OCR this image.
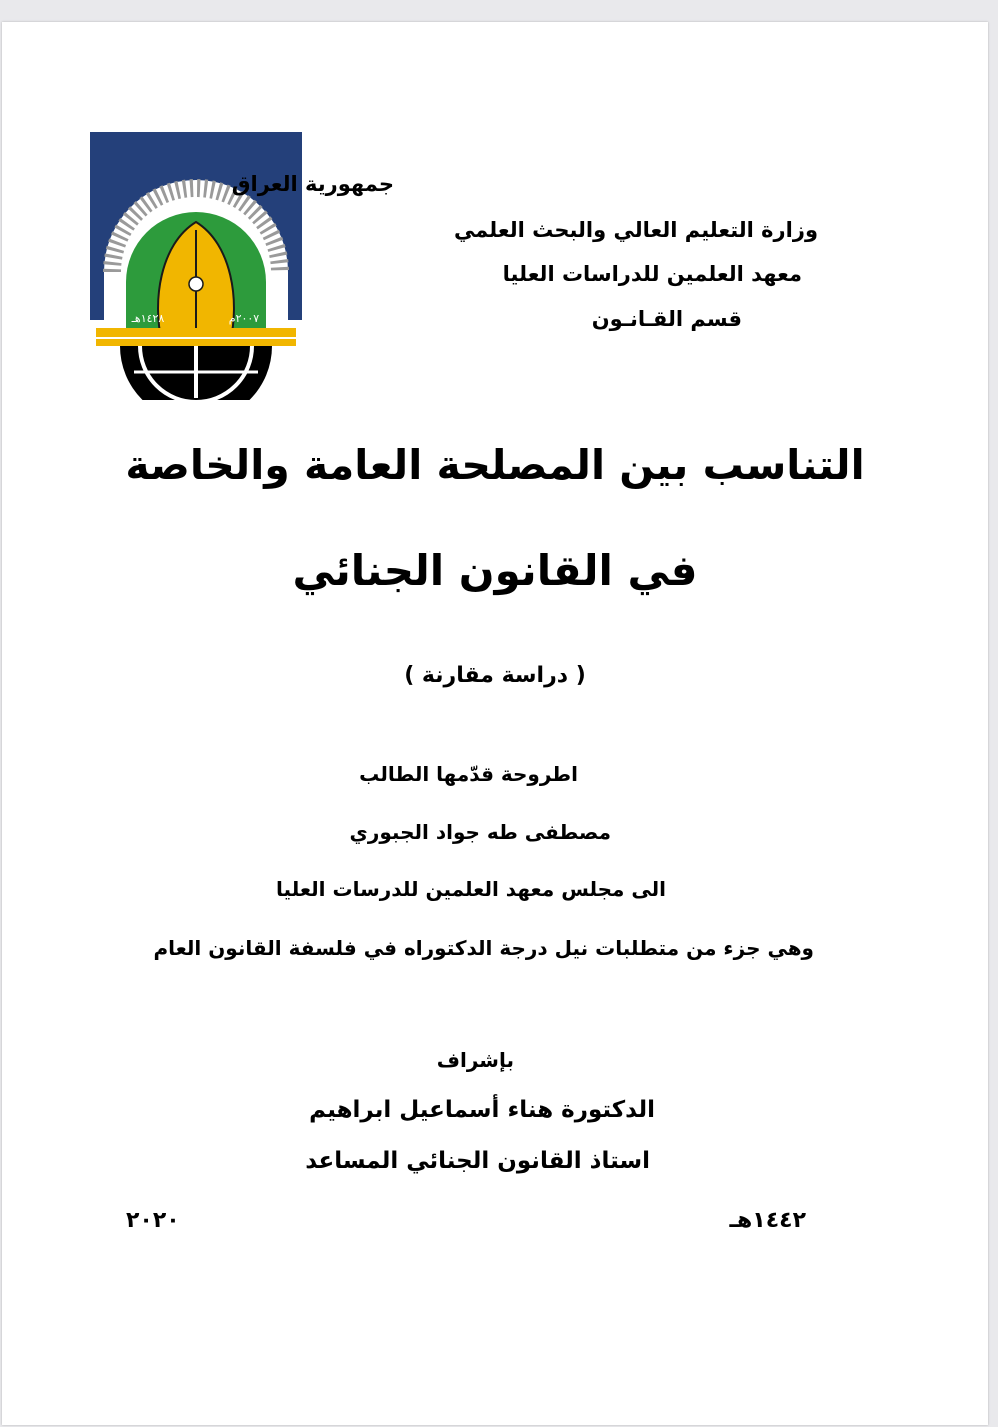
١٤٢٨هـ	٢٠٠٧م
جمهورية العراق
وزارة التعليم العالي والبحث العلمي
معهد العلمين للدراسات العليا
قسم القـانـون
التناسب بين المصلحة العامة والخاصة
في القانون الجنائي
( دراسة مقارنة )
اطروحة قدّمها الطالب
مصطفى طه جواد الجبوري
الى مجلس معهد العلمين للدرسات العليا
وهي جزء من متطلبات نيل درجة الدكتوراه في فلسفة القانون العام
بإشراف
الدكتورة هناء أسماعيل ابراهيم
استاذ القانون الجنائي المساعد
١٤٤٢هـ
٢٠٢٠
